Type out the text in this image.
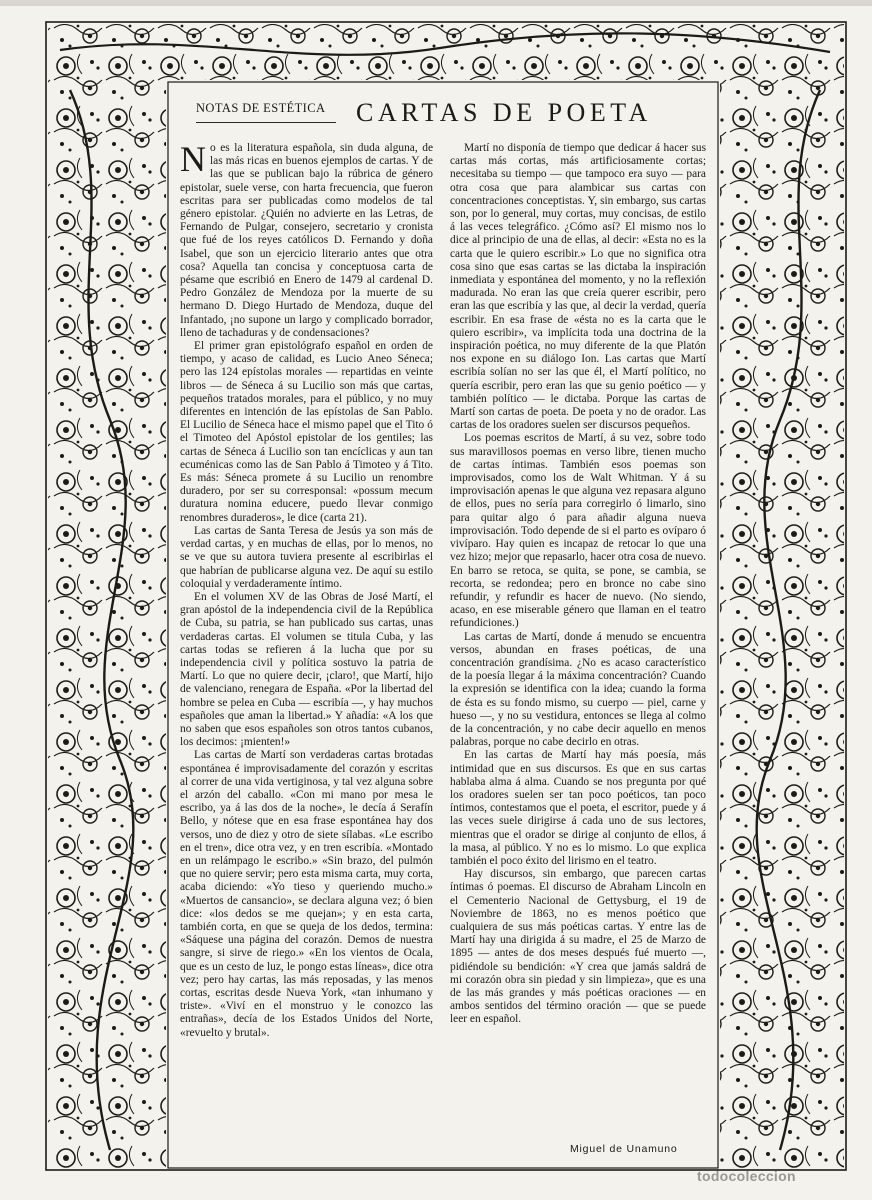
NOTAS DE ESTÉTICA	CARTAS DE POETA

No es la literatura española, sin duda alguna, de las más ricas en buenos ejemplos de cartas. Y de las que se publican bajo la rúbrica de género epistolar, suele verse, con harta frecuencia, que fueron escritas para ser publicadas como modelos de tal género epistolar. ¿Quién no advierte en las Letras, de Fernando de Pulgar, consejero, secretario y cronista que fué de los reyes católicos D. Fernando y doña Isabel, que son un ejercicio literario antes que otra cosa? Aquella tan concisa y conceptuosa carta de pésame que escribió en Enero de 1479 al cardenal D. Pedro González de Mendoza por la muerte de su hermano D. Diego Hurtado de Mendoza, duque del Infantado, ¡no supone un largo y complicado borrador, lleno de tachaduras y de condensaciones?

El primer gran epistológrafo español en orden de tiempo, y acaso de calidad, es Lucio Aneo Séneca; pero las 124 epístolas morales — repartidas en veinte libros — de Séneca á su Lucilio son más que cartas, pequeños tratados morales, para el público, y no muy diferentes en intención de las epístolas de San Pablo. El Lucilio de Séneca hace el mismo papel que el Tito ó el Timoteo del Apóstol epistolar de los gentiles; las cartas de Séneca á Lucilio son tan encíclicas y aun tan ecuménicas como las de San Pablo á Timoteo y á Tito. Es más: Séneca promete á su Lucilio un renombre duradero, por ser su corresponsal: «possum mecum duratura nomina educere, puedo llevar conmigo renombres duraderos», le dice (carta 21).

Las cartas de Santa Teresa de Jesús ya son más de verdad cartas, y en muchas de ellas, por lo menos, no se ve que su autora tuviera presente al escribirlas el que habrían de publicarse alguna vez. De aquí su estilo coloquial y verdaderamente íntimo.

En el volumen XV de las Obras de José Martí, el gran apóstol de la independencia civil de la República de Cuba, su patria, se han publicado sus cartas, unas verdaderas cartas. El volumen se titula Cuba, y las cartas todas se refieren á la lucha que por su independencia civil y política sostuvo la patria de Martí. Lo que no quiere decir, ¡claro!, que Martí, hijo de valenciano, renegara de España. «Por la libertad del hombre se pelea en Cuba — escribía —, y hay muchos españoles que aman la libertad.» Y añadía: «A los que no saben que esos españoles son otros tantos cubanos, los decimos: ¡mienten!»

Las cartas de Martí son verdaderas cartas brotadas espontánea é improvisadamente del corazón y escritas al correr de una vida vertiginosa, y tal vez alguna sobre el arzón del caballo. «Con mi mano por mesa le escribo, ya á las dos de la noche», le decía á Serafín Bello, y nótese que en esa frase espontánea hay dos versos, uno de diez y otro de siete sílabas. «Le escribo en el tren», dice otra vez, y en tren escribía. «Montado en un relámpago le escribo.» «Sin brazo, del pulmón que no quiere servir; pero esta misma carta, muy corta, acaba diciendo: «Yo tieso y queriendo mucho.» «Muertos de cansancio», se declara alguna vez; ó bien dice: «los dedos se me quejan»; y en esta carta, también corta, en que se queja de los dedos, termina: «Sáquese una página del corazón. Demos de nuestra sangre, si sirve de riego.» «En los vientos de Ocala, que es un cesto de luz, le pongo estas líneas», dice otra vez; pero hay cartas, las más reposadas, y las menos cortas, escritas desde Nueva York, «tan inhumano y triste». «Viví en el monstruo y le conozco las entrañas», decía de los Estados Unidos del Norte, «revuelto y brutal».

Martí no disponía de tiempo que dedicar á hacer sus cartas más cortas, más artificiosamente cortas; necesitaba su tiempo — que tampoco era suyo — para otra cosa que para alambicar sus cartas con concentraciones conceptistas. Y, sin embargo, sus cartas son, por lo general, muy cortas, muy concisas, de estilo á las veces telegráfico. ¿Cómo así? El mismo nos lo dice al principio de una de ellas, al decir: «Esta no es la carta que le quiero escribir.» Lo que no significa otra cosa sino que esas cartas se las dictaba la inspiración inmediata y espontánea del momento, y no la reflexión madurada. No eran las que creía querer escribir, pero eran las que escribía y las que, al decir la verdad, quería escribir. En esa frase de «ésta no es la carta que le quiero escribir», va implícita toda una doctrina de la inspiración poética, no muy diferente de la que Platón nos expone en su diálogo Ion. Las cartas que Martí escribía solían no ser las que él, el Martí político, no quería escribir, pero eran las que su genio poético — y también político — le dictaba. Porque las cartas de Martí son cartas de poeta. De poeta y no de orador. Las cartas de los oradores suelen ser discursos pequeños.

Los poemas escritos de Martí, á su vez, sobre todo sus maravillosos poemas en verso libre, tienen mucho de cartas íntimas. También esos poemas son improvisados, como los de Walt Whitman. Y á su improvisación apenas le que alguna vez repasara alguno de ellos, pues no sería para corregirlo ó limarlo, sino para quitar algo ó para añadir alguna nueva improvisación. Todo depende de si el parto es ovíparo ó vivíparo. Hay quien es incapaz de retocar lo que una vez hizo; mejor que repasarlo, hacer otra cosa de nuevo. En barro se retoca, se quita, se pone, se cambia, se recorta, se redondea; pero en bronce no cabe sino refundir, y refundir es hacer de nuevo. (No siendo, acaso, en ese miserable género que llaman en el teatro refundiciones.)

Las cartas de Martí, donde á menudo se encuentra versos, abundan en frases poéticas, de una concentración grandísima. ¿No es acaso característico de la poesía llegar á la máxima concentración? Cuando la expresión se identifica con la idea; cuando la forma de ésta es su fondo mismo, su cuerpo — piel, carne y hueso —, y no su vestidura, entonces se llega al colmo de la concentración, y no cabe decir aquello en menos palabras, porque no cabe decirlo en otras.

En las cartas de Martí hay más poesía, más intimidad que en sus discursos. Es que en sus cartas hablaba alma á alma. Cuando se nos pregunta por qué los oradores suelen ser tan poco poéticos, tan poco íntimos, contestamos que el poeta, el escritor, puede y á las veces suele dirigirse á cada uno de sus lectores, mientras que el orador se dirige al conjunto de ellos, á la masa, al público. Y no es lo mismo. Lo que explica también el poco éxito del lirismo en el teatro.

Hay discursos, sin embargo, que parecen cartas íntimas ó poemas. El discurso de Abraham Lincoln en el Cementerio Nacional de Gettysburg, el 19 de Noviembre de 1863, no es menos poético que cualquiera de sus más poéticas cartas. Y entre las de Martí hay una dirigida á su madre, el 25 de Marzo de 1895 — antes de dos meses después fué muerto —, pidiéndole su bendición: «Y crea que jamás saldrá de mi corazón obra sin piedad y sin limpieza», que es una de las más grandes y más poéticas oraciones — en ambos sentidos del término oración — que se puede leer en español.

Miguel de Unamuno
todocoleccion
